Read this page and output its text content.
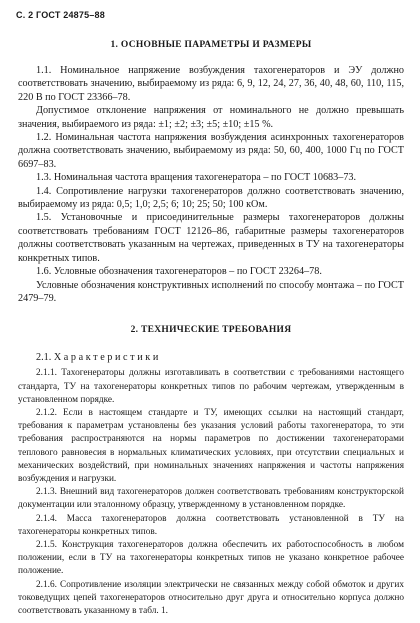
С. 2 ГОСТ 24875–88
1. ОСНОВНЫЕ ПАРАМЕТРЫ И РАЗМЕРЫ

1.1. Номинальное напряжение возбуждения тахогенераторов и ЭУ должно соответствовать значению, выбираемому из ряда: 6, 9, 12, 24, 27, 36, 40, 48, 60, 110, 115, 220 В по ГОСТ 23366–78.

Допустимое отклонение напряжения от номинального не должно превышать значения, выбираемого из ряда: ±1; ±2; ±3; ±5; ±10; ±15 %.

1.2. Номинальная частота напряжения возбуждения асинхронных тахогенераторов должна соответствовать значению, выбираемому из ряда: 50, 60, 400, 1000 Гц по ГОСТ 6697–83.

1.3. Номинальная частота вращения тахогенератора – по ГОСТ 10683–73.

1.4. Сопротивление нагрузки тахогенераторов должно соответствовать значению, выбираемому из ряда: 0,5; 1,0; 2,5; 6; 10; 25; 50; 100 кОм.

1.5. Установочные и присоединительные размеры тахогенераторов должны соответствовать требованиям ГОСТ 12126–86, габаритные размеры тахогенераторов должны соответствовать указанным на чертежах, приведенных в ТУ на тахогенераторы конкретных типов.

1.6. Условные обозначения тахогенераторов – по ГОСТ 23264–78.

Условные обозначения конструктивных исполнений по способу монтажа – по ГОСТ 2479–79.

2. ТЕХНИЧЕСКИЕ ТРЕБОВАНИЯ

2.1. Характеристики

2.1.1. Тахогенераторы должны изготавливать в соответствии с требованиями настоящего стандарта, ТУ на тахогенераторы конкретных типов по рабочим чертежам, утвержденным в установленном порядке.

2.1.2. Если в настоящем стандарте и ТУ, имеющих ссылки на настоящий стандарт, требования к параметрам установлены без указания условий работы тахогенератора, то эти требования распространяются на нормы параметров по достижении тахогенераторами теплового равновесия в нормальных климатических условиях, при отсутствии специальных и механических воздействий, при номинальных значениях напряжения и частоты напряжения возбуждения и нагрузки.

2.1.3. Внешний вид тахогенераторов должен соответствовать требованиям конструкторской документации или эталонному образцу, утвержденному в установленном порядке.

2.1.4. Масса тахогенераторов должна соответствовать установленной в ТУ на тахогенераторы конкретных типов.

2.1.5. Конструкция тахогенераторов должна обеспечить их работоспособность в любом положении, если в ТУ на тахогенераторы конкретных типов не указано конкретное рабочее положение.

2.1.6. Сопротивление изоляции электрически не связанных между собой обмоток и других токоведущих цепей тахогенераторов относительно друг друга и относительно корпуса должно соответствовать указанному в табл. 1.
